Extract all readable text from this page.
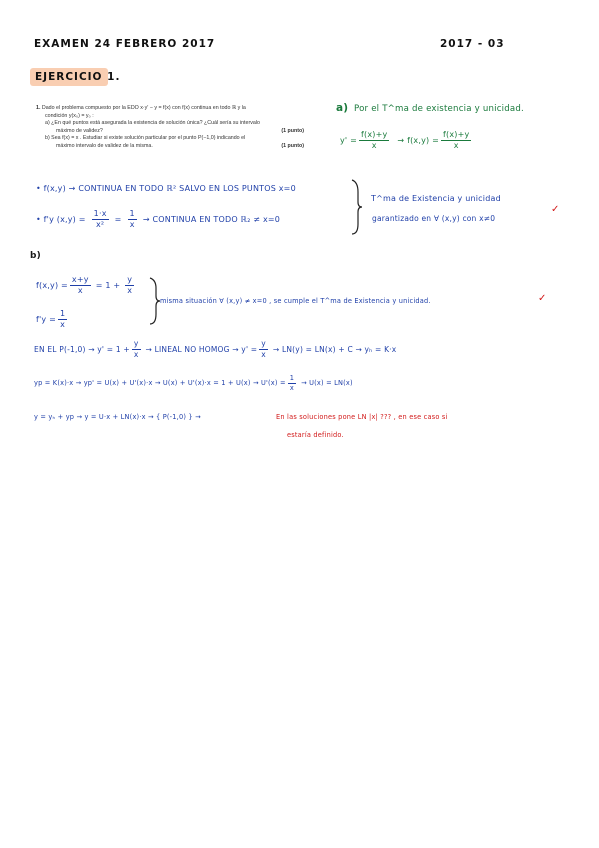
EXAMEN 24 FEBRERO 2017	2017 - 03
EJERCICIO 1.
1. Dado el problema compuesto por la EDO x·y′ − y = f(x) con f(x) continua en todo ℝ y la
condición y(x₀) = y₀ :
a) ¿En qué puntos está asegurada la existencia de solución única? ¿Cuál sería su intervalo
máximo de validez?	(1 punto)
b) Sea f(x) = x . Estudiar si existe solución particular por el punto P(−1,0) indicando el
máximo intervalo de validez de la misma.	(1 punto)
a) Por el T^ma de existencia y unicidad.
$y' = \frac{f(x)+y}{x} \to f(x,y) = \frac{f(x)+y}{x}$
• f(x,y) → CONTINUA EN TODO ℝ² SALVO EN LOS PUNTOS x=0
• f'y $(x,y) = \frac{1\cdot x}{\text{x²}} = \frac{1}{x}$ → CONTINUA EN TODO ℝ₂ ≠ x=0
T^ma de Existencia y unicidad
garantizado en ∀ (x,y) con x≠0
✓
b)
$f(x,y) = \frac{x+y}{x} = 1 + \frac{y}{x}$
$f'y = \frac{1}{x}$
misma situación ∀ (x,y) ≠ x=0 , se cumple el T^ma de Existencia y unicidad.	✓
EN EL $P(-1,0) \to y' = 1 + \frac{y}{x}$ → LINEAL NO HOMOG → $y' = \frac{y}{x} \to LN(y) = LN(x) + C \to y_h = K\cdot x$
yp = $K(x)\cdot x \to yp' = U(x) + U'(x)\cdot x \to U(x) + U'(x)\cdot x = 1 + U(x) \to U'(x) = \frac{1}{x} \to U(x) = LN(x)$
y = yₕ + yp → y = U·x + LN(x)·x → { P(-1,0) } →	En las soluciones pone LN |x| ??? , en ese caso si
estaría definido.
